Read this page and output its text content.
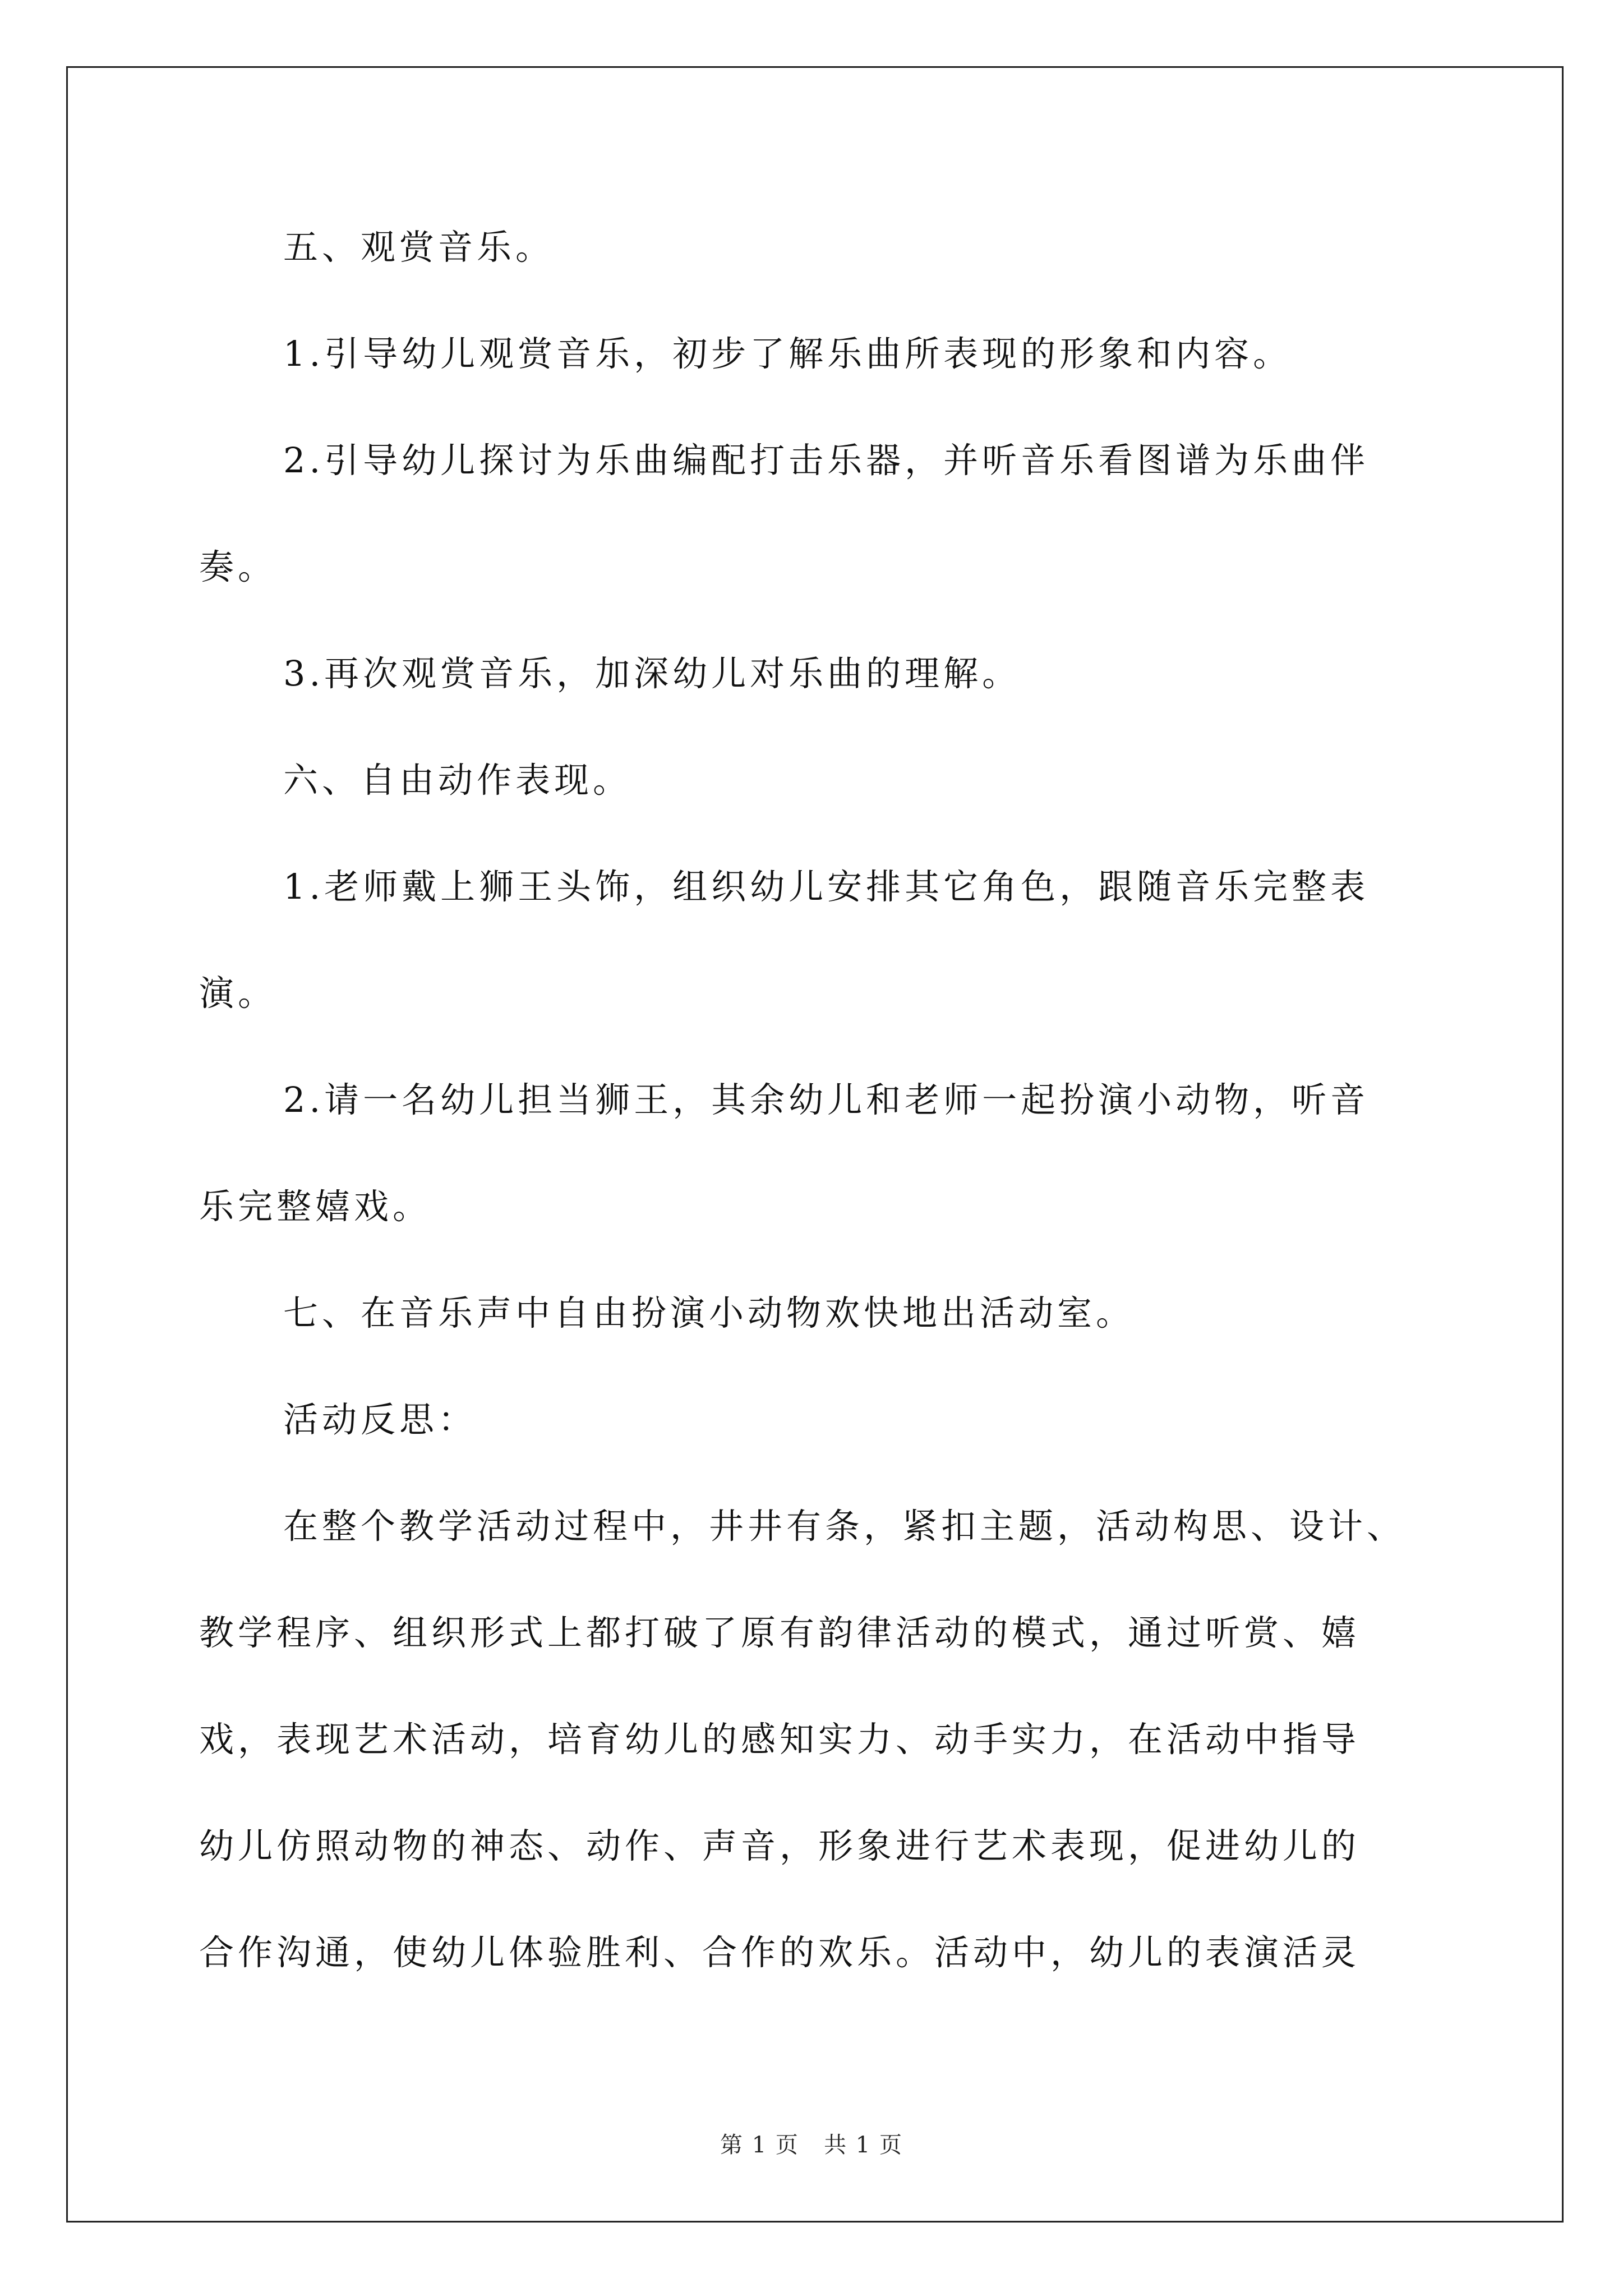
五、观赏音乐。
1.引导幼儿观赏音乐，初步了解乐曲所表现的形象和内容。
2.引导幼儿探讨为乐曲编配打击乐器，并听音乐看图谱为乐曲伴
奏。
3.再次观赏音乐，加深幼儿对乐曲的理解。
六、自由动作表现。
1.老师戴上狮王头饰，组织幼儿安排其它角色，跟随音乐完整表
演。
2.请一名幼儿担当狮王，其余幼儿和老师一起扮演小动物，听音
乐完整嬉戏。
七、在音乐声中自由扮演小动物欢快地出活动室。
活动反思：
在整个教学活动过程中，井井有条，紧扣主题，活动构思、设计、
教学程序、组织形式上都打破了原有韵律活动的模式，通过听赏、嬉
戏，表现艺术活动，培育幼儿的感知实力、动手实力，在活动中指导
幼儿仿照动物的神态、动作、声音，形象进行艺术表现，促进幼儿的
合作沟通，使幼儿体验胜利、合作的欢乐。活动中，幼儿的表演活灵
第 1 页   共 1 页
